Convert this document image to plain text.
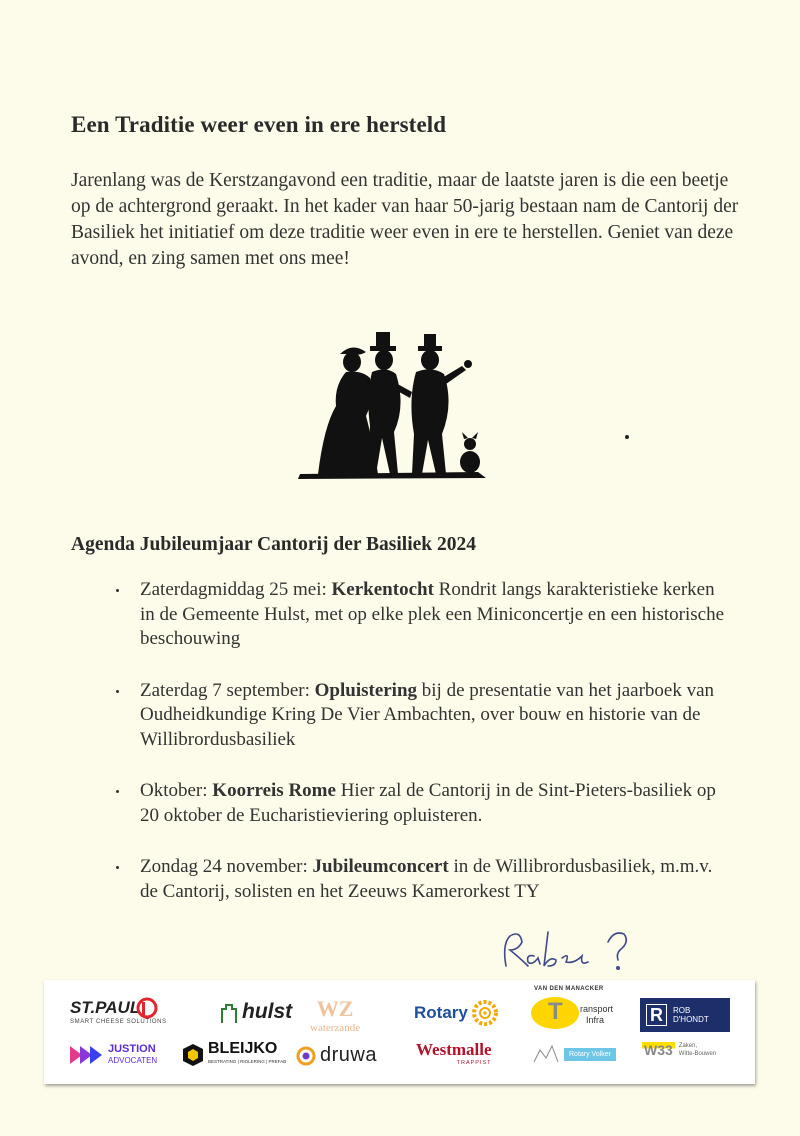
Een Traditie weer even in ere hersteld

Jarenlang was de Kerstzangavond een traditie, maar de laatste jaren is die een beetje op de achtergrond geraakt. In het kader van haar 50-jarig bestaan nam de Cantorij der Basiliek het initiatief om deze traditie weer even in ere te herstellen. Geniet van deze avond, en zing samen met ons mee!

Agenda Jubileumjaar Cantorij der Basiliek 2024
Zaterdagmiddag 25 mei: Kerkentocht Rondrit langs karakteristieke kerken in de Gemeente Hulst, met op elke plek een Miniconcertje en een historische beschouwing
Zaterdag 7 september: Opluistering bij de presentatie van het jaarboek van Oudheidkundige Kring De Vier Ambachten, over bouw en historie van de Willibrordusbasiliek
Oktober: Koorreis Rome Hier zal de Cantorij in de Sint-Pieters-basiliek op 20 oktober de Eucharistieviering opluisteren.
Zondag 24 november: Jubileumconcert in de Willibrordusbasiliek, m.m.v. de Cantorij, solisten en het Zeeuws Kamerorkest TY
ST.PAUL
SMART CHEESE SOLUTIONS	hulst WZ
waterzande
Rotary
VAN DEN MANACKER
T ransport
Infra	R	ROB
D'HONDT
JUSTION
ADVOCATEN
BLEIJKO
BESTRATING | RIOLERING | PREFAB druwa Westmalle
TRAPPIST
Rotary Volker	W33	Zaken,
Witte-Bouwen
